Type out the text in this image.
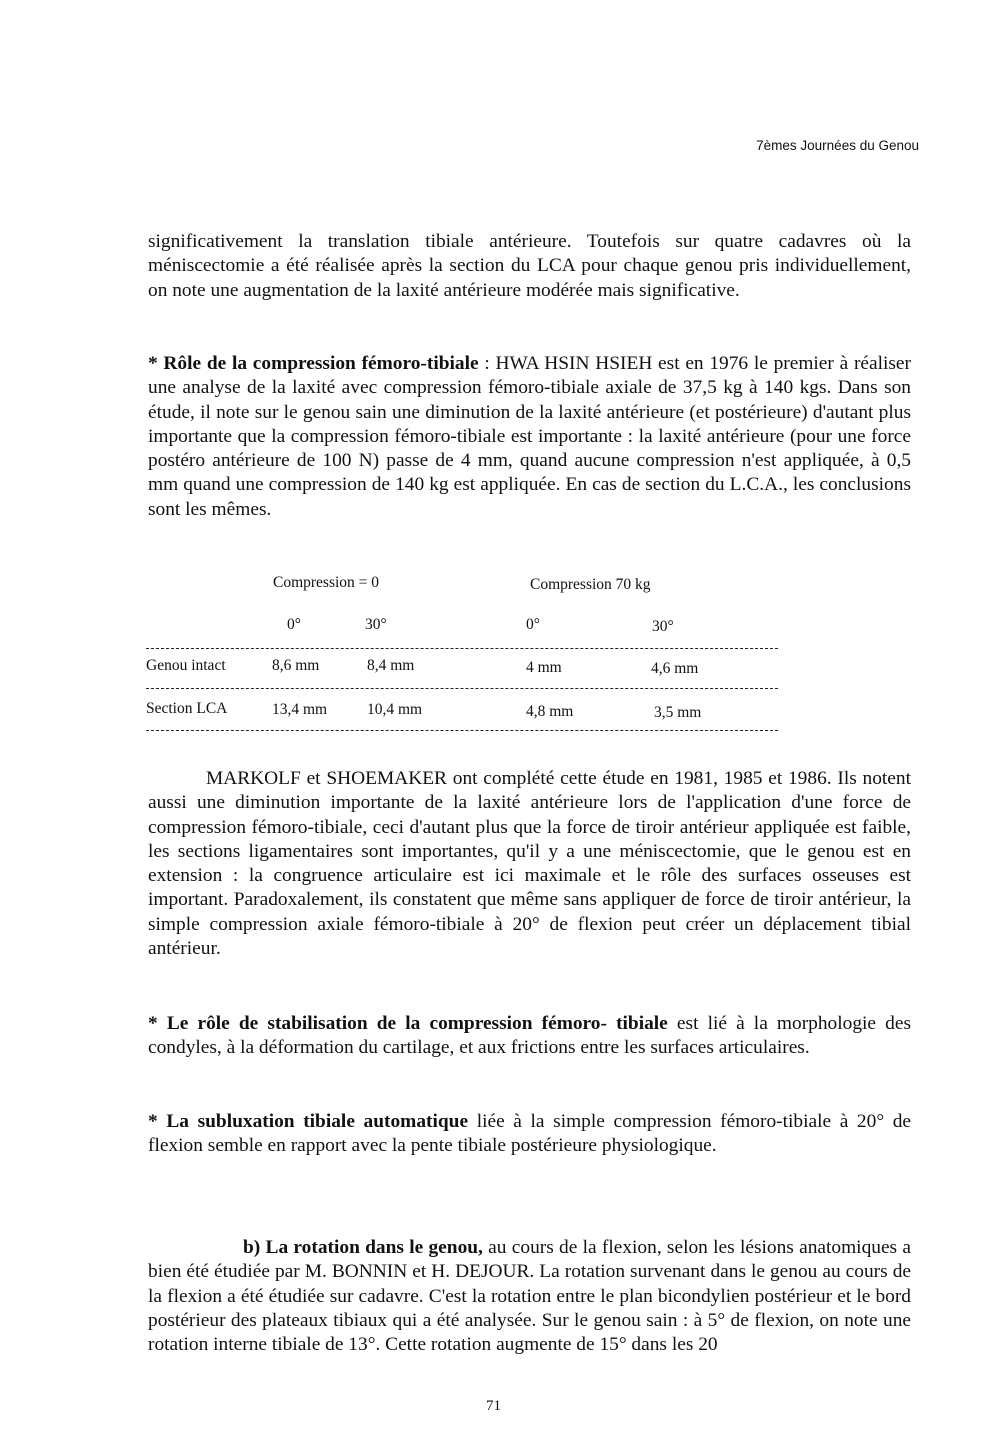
7èmes Journées du Genou

significativement la translation tibiale antérieure. Toutefois sur quatre cadavres où la méniscectomie a été réalisée après la section du LCA pour chaque genou pris individuellement, on note une augmentation de la laxité antérieure modérée mais significative.

* Rôle de la compression fémoro-tibiale : HWA HSIN HSIEH est en 1976 le premier à réaliser une analyse de la laxité avec compression fémoro-tibiale axiale de 37,5 kg à 140 kgs. Dans son étude, il note sur le genou sain une diminution de la laxité antérieure (et postérieure) d'autant plus importante que la compression fémoro-tibiale est importante : la laxité antérieure (pour une force postéro antérieure de 100 N) passe de 4 mm, quand aucune compression n'est appliquée, à 0,5 mm quand une compression de 140 kg est appliquée. En cas de section du L.C.A., les conclusions sont les mêmes.

Compression = 0	Compression 70 kg
0°	30°	0°	30°
Genou intact	8,6 mm	8,4 mm	4 mm	4,6 mm
Section LCA	13,4 mm	10,4 mm	4,8 mm	3,5 mm

MARKOLF et SHOEMAKER ont complété cette étude en 1981, 1985 et 1986. Ils notent aussi une diminution importante de la laxité antérieure lors de l'application d'une force de compression fémoro-tibiale, ceci d'autant plus que la force de tiroir antérieur appliquée est faible, les sections ligamentaires sont importantes, qu'il y a une méniscectomie, que le genou est en extension : la congruence articulaire est ici maximale et le rôle des surfaces osseuses est important. Paradoxalement, ils constatent que même sans appliquer de force de tiroir antérieur, la simple compression axiale fémoro-tibiale à 20° de flexion peut créer un déplacement tibial antérieur.

* Le rôle de stabilisation de la compression fémoro- tibiale est lié à la morphologie des condyles, à la déformation du cartilage, et aux frictions entre les surfaces articulaires.

* La subluxation tibiale automatique liée à la simple compression fémoro-tibiale à 20° de flexion semble en rapport avec la pente tibiale postérieure physiologique.

b) La rotation dans le genou, au cours de la flexion, selon les lésions anatomiques a bien été étudiée par M. BONNIN et H. DEJOUR. La rotation survenant dans le genou au cours de la flexion a été étudiée sur cadavre. C'est la rotation entre le plan bicondylien postérieur et le bord postérieur des plateaux tibiaux qui a été analysée. Sur le genou sain : à 5° de flexion, on note une rotation interne tibiale de 13°. Cette rotation augmente de 15° dans les 20

71
